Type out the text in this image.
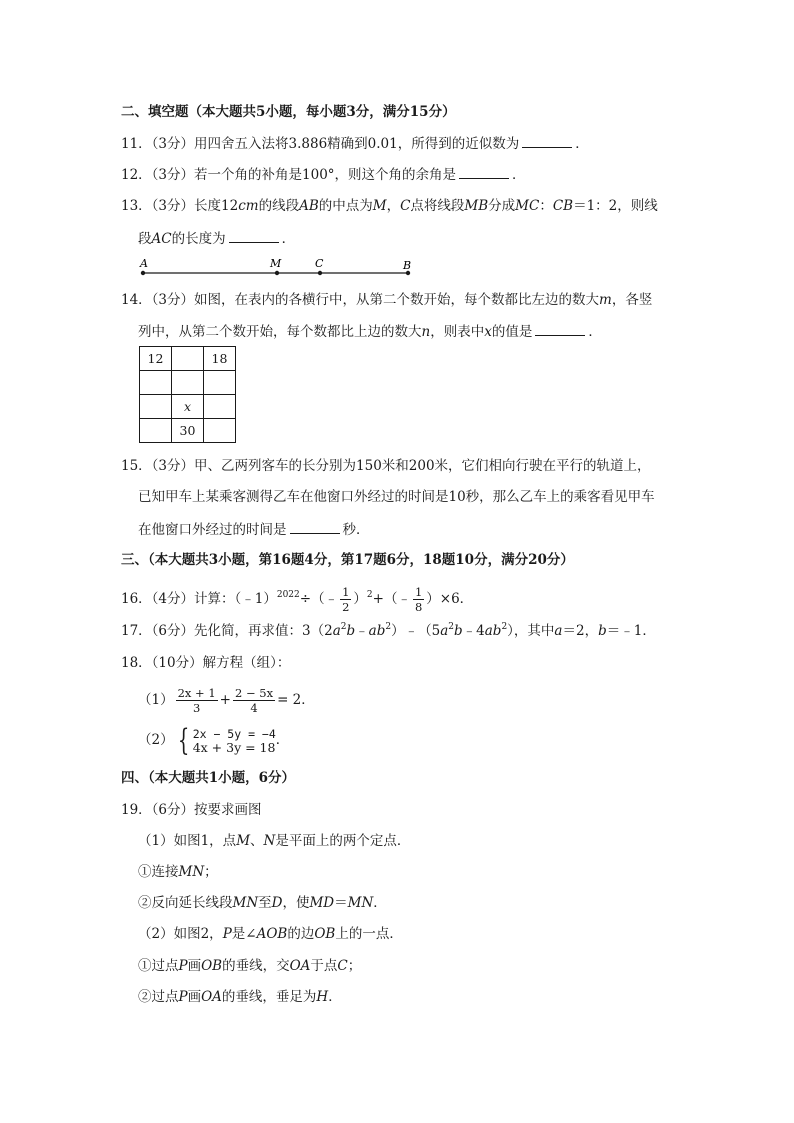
二、填空题（本大题共5小题，每小题3分，满分15分）
11．（3分）用四舍五入法将3.886精确到0.01，所得到的近似数为	．
12．（3分）若一个角的补角是100°，则这个角的余角是	．
13．（3分）长度12cm的线段AB的中点为M，C点将线段MB分成MC：CB＝1：2，则线
段AC的长度为	．
A	M	C	B
14．（3分）如图，在表内的各横行中，从第二个数开始，每个数都比左边的数大m，各竖
列中，从第二个数开始，每个数都比上边的数大n，则表中x的值是	．
12		18

	x	
	30	
15．（3分）甲、乙两列客车的长分别为150米和200米，它们相向行驶在平行的轨道上，
已知甲车上某乘客测得乙车在他窗口外经过的时间是10秒，那么乙车上的乘客看见甲车
在他窗口外经过的时间是	秒．
三、（本大题共3小题，第16题4分，第17题6分，18题10分，满分20分）
16．（4分）计算：（﹣1）$^{2022}$÷（﹣ $\frac{1}{2}$ ）$^2$+（﹣ $\frac{1}{8} )\times 6$．
17．（6分）先化简，再求值：$3(2a^2b﹣ab^2)﹣(5a^2b﹣4ab^2)$，其中a＝2，b＝﹣1．
18．（10分）解方程（组）：
$(1) \frac{2x + 1}{3} + \frac{2 - 5x}{4} = 2$．
（2） { 2x − 5y = −4
4x + 3y = 18 ．
四、（本大题共1小题，6分）
19．（6分）按要求画图
（1）如图1，点M、N是平面上的两个定点．
①连接MN；
②反向延长线段MN至D，使MD＝MN．
（2）如图2，P是∠AOB的边OB上的一点．
①过点P画OB的垂线，交OA于点C；
②过点P画OA的垂线，垂足为H．
